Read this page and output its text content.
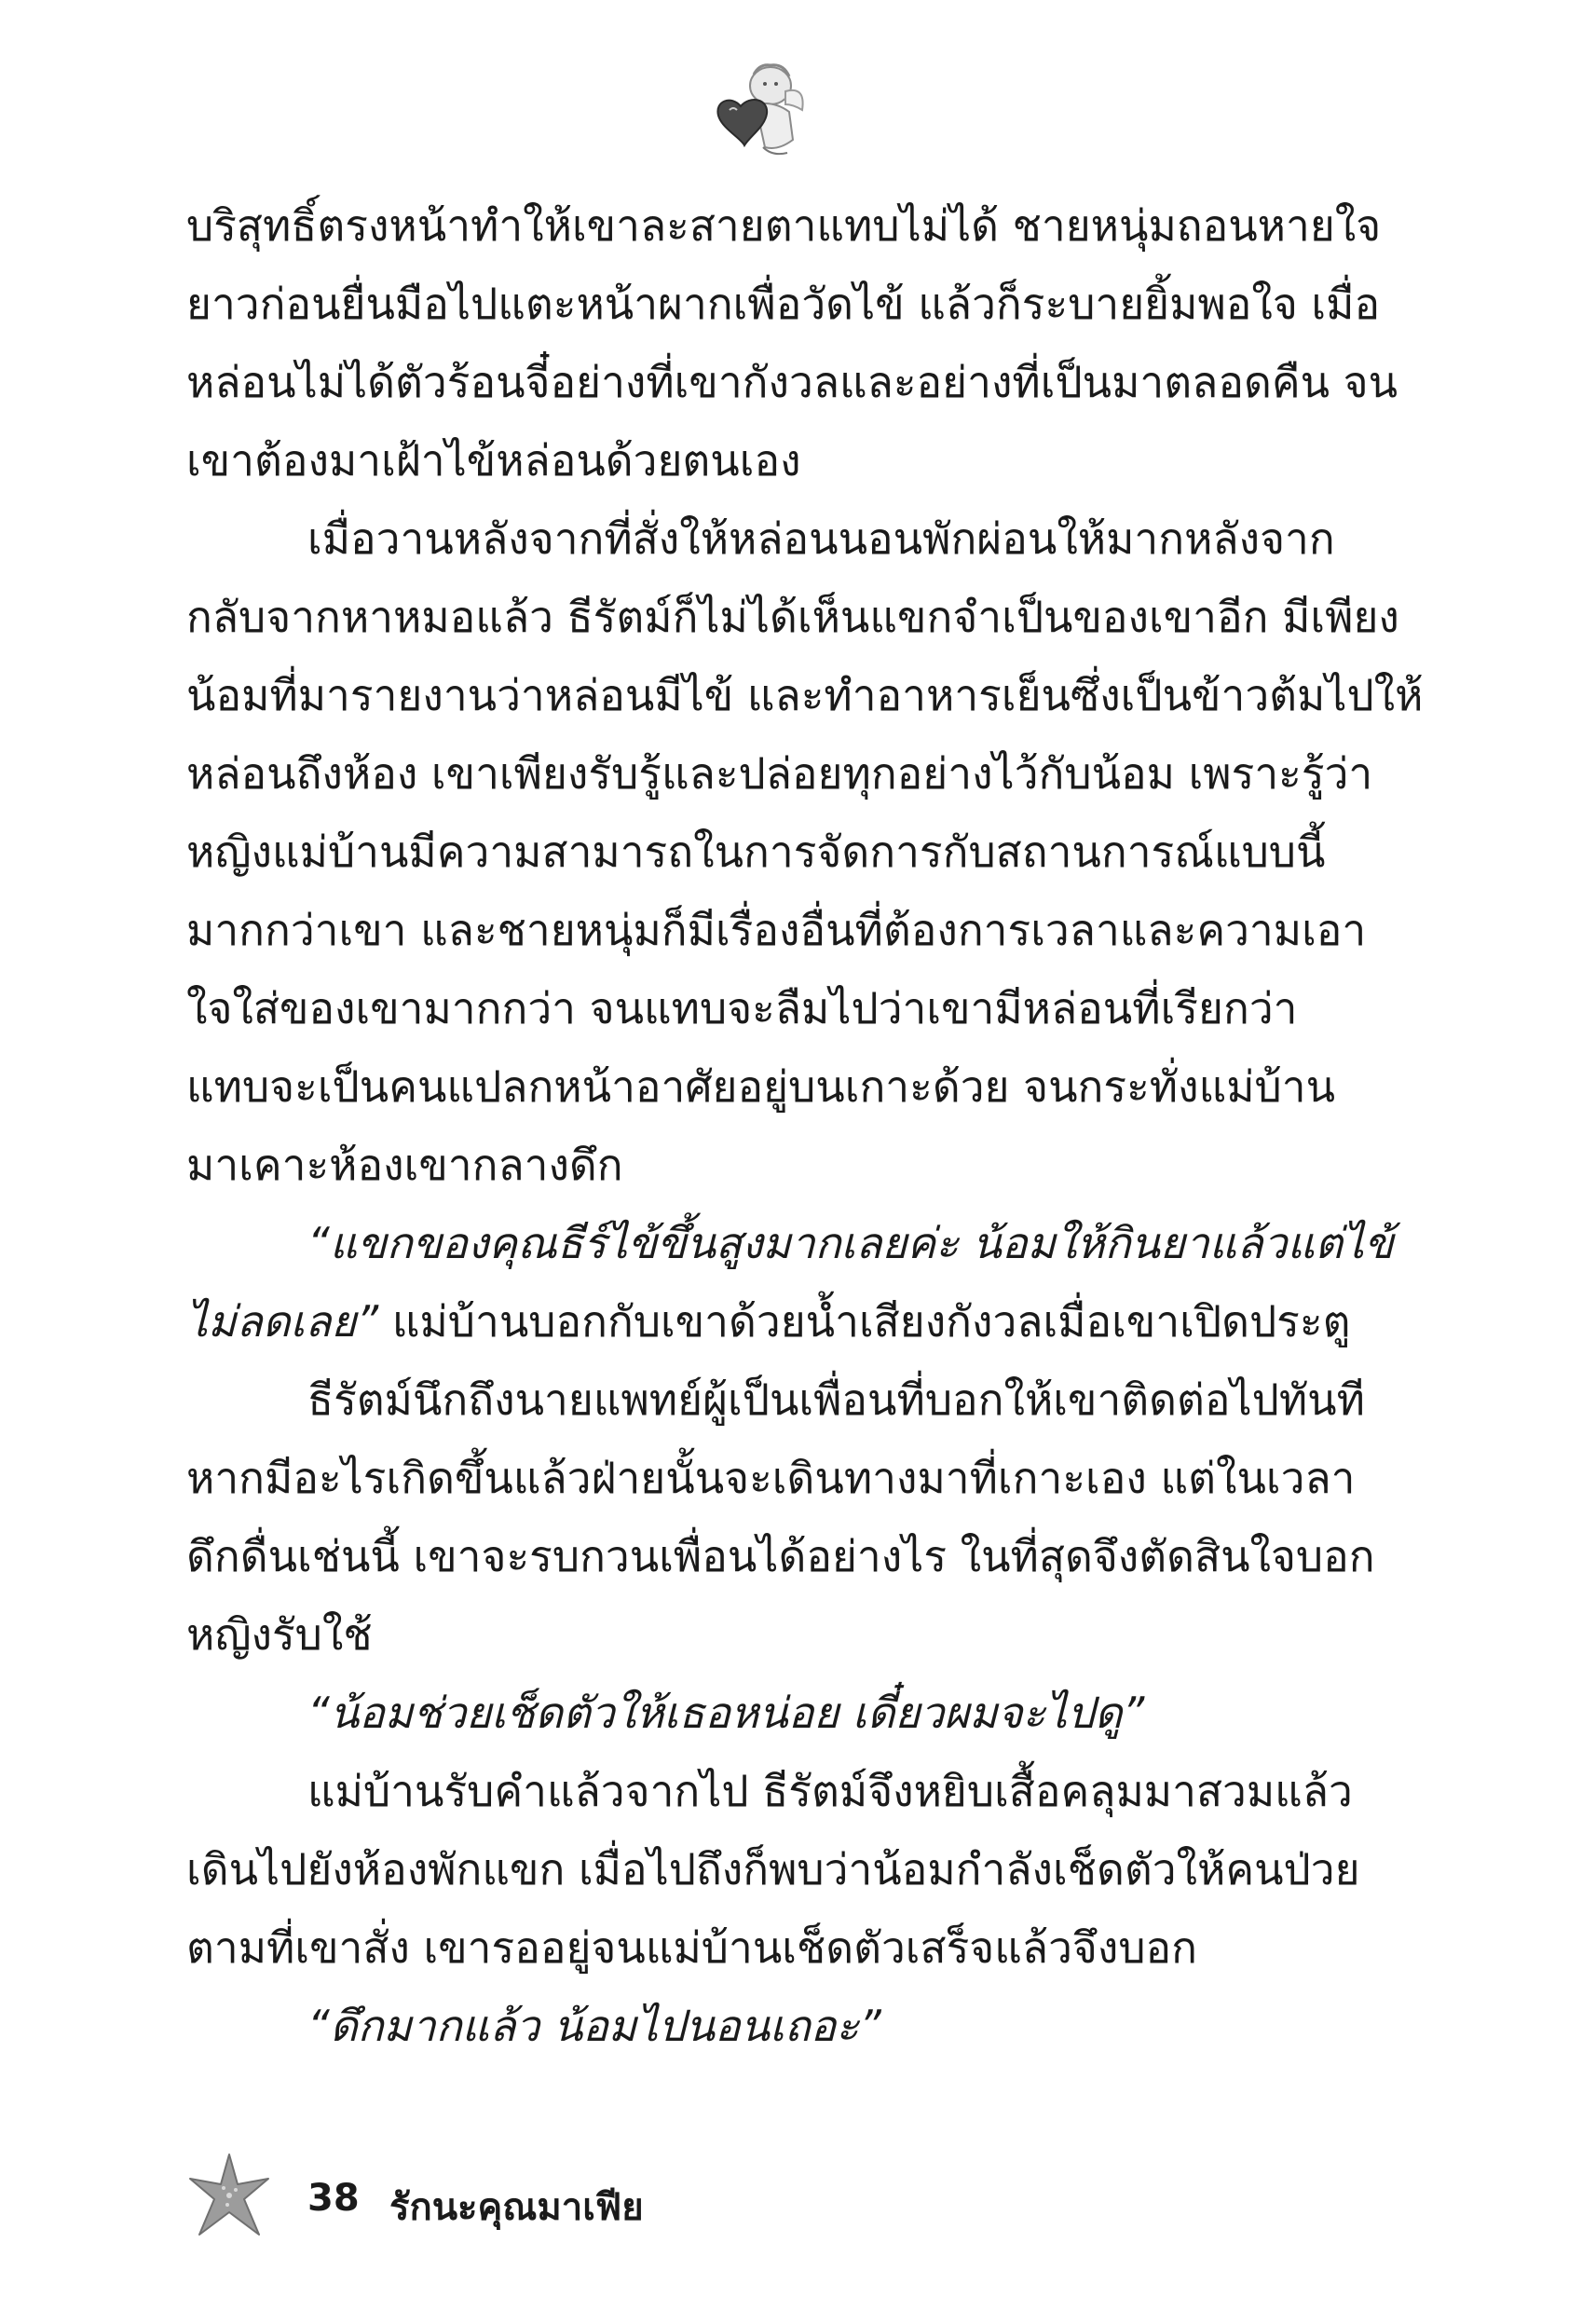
บริสุทธิ์ตรงหน้าทำให้เขาละสายตาแทบไม่ได้ ชายหนุ่มถอนหายใจ
ยาวก่อนยื่นมือไปแตะหน้าผากเพื่อวัดไข้ แล้วก็ระบายยิ้มพอใจ เมื่อ
หล่อนไม่ได้ตัวร้อนจี๋อย่างที่เขากังวลและอย่างที่เป็นมาตลอดคืน จน
เขาต้องมาเฝ้าไข้หล่อนด้วยตนเอง
เมื่อวานหลังจากที่สั่งให้หล่อนนอนพักผ่อนให้มากหลังจาก
กลับจากหาหมอแล้ว ธีรัตม์ก็ไม่ได้เห็นแขกจำเป็นของเขาอีก มีเพียง
น้อมที่มารายงานว่าหล่อนมีไข้ และทำอาหารเย็นซึ่งเป็นข้าวต้มไปให้
หล่อนถึงห้อง เขาเพียงรับรู้และปล่อยทุกอย่างไว้กับน้อม เพราะรู้ว่า
หญิงแม่บ้านมีความสามารถในการจัดการกับสถานการณ์แบบนี้
มากกว่าเขา และชายหนุ่มก็มีเรื่องอื่นที่ต้องการเวลาและความเอา
ใจใส่ของเขามากกว่า จนแทบจะลืมไปว่าเขามีหล่อนที่เรียกว่า
แทบจะเป็นคนแปลกหน้าอาศัยอยู่บนเกาะด้วย จนกระทั่งแม่บ้าน
มาเคาะห้องเขากลางดึก
“แขกของคุณธีร์ไข้ขึ้นสูงมากเลยค่ะ น้อมให้กินยาแล้วแต่ไข้
ไม่ลดเลย” แม่บ้านบอกกับเขาด้วยน้ำเสียงกังวลเมื่อเขาเปิดประตู
ธีรัตม์นึกถึงนายแพทย์ผู้เป็นเพื่อนที่บอกให้เขาติดต่อไปทันที
หากมีอะไรเกิดขึ้นแล้วฝ่ายนั้นจะเดินทางมาที่เกาะเอง แต่ในเวลา
ดึกดื่นเช่นนี้ เขาจะรบกวนเพื่อนได้อย่างไร ในที่สุดจึงตัดสินใจบอก
หญิงรับใช้
“น้อมช่วยเช็ดตัวให้เธอหน่อย เดี๋ยวผมจะไปดู”
แม่บ้านรับคำแล้วจากไป ธีรัตม์จึงหยิบเสื้อคลุมมาสวมแล้ว
เดินไปยังห้องพักแขก เมื่อไปถึงก็พบว่าน้อมกำลังเช็ดตัวให้คนป่วย
ตามที่เขาสั่ง เขารออยู่จนแม่บ้านเช็ดตัวเสร็จแล้วจึงบอก
“ดึกมากแล้ว น้อมไปนอนเถอะ”
38 รักนะคุณมาเฟีย
